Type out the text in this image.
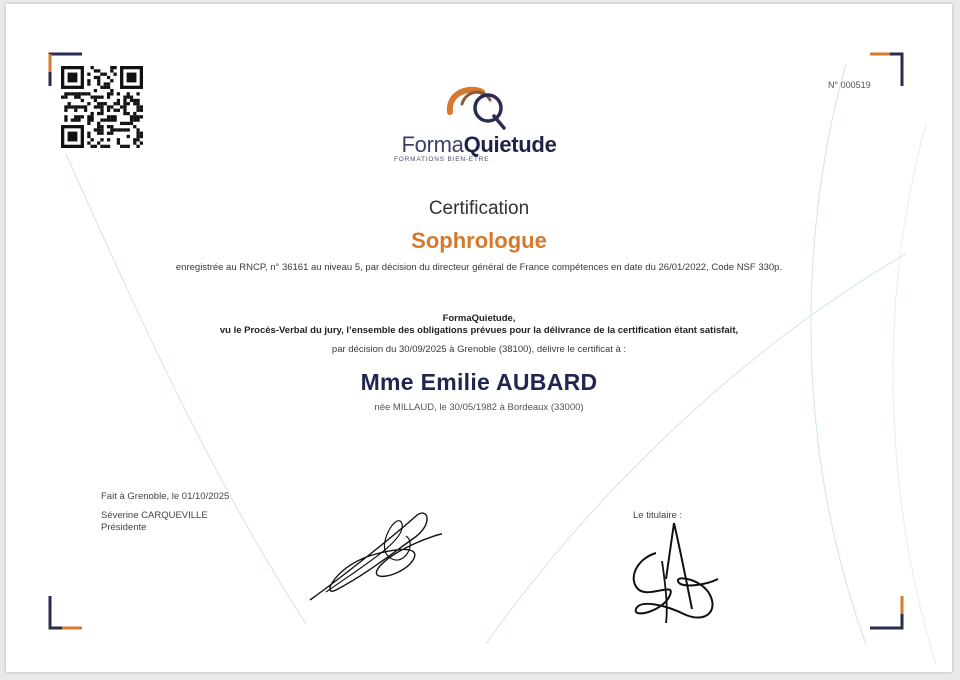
N° 000519
FormaQuietude
FORMATIONS BIEN-ETRE
Certification
Sophrologue
enregistrée au RNCP, n° 36161 au niveau 5, par décision du directeur général de France compétences en date du 26/01/2022, Code NSF 330p.
FormaQuietude,
vu le Procès-Verbal du jury, l’ensemble des obligations prévues pour la délivrance de la certification étant satisfait,
par décision du 30/09/2025 à Grenoble (38100), délivre le certificat à :
Mme Emilie AUBARD
née MILLAUD, le 30/05/1982 à Bordeaux (33000)
Fait à Grenoble, le 01/10/2025
Séverine CARQUEVILLE
Présidente
Le titulaire :
